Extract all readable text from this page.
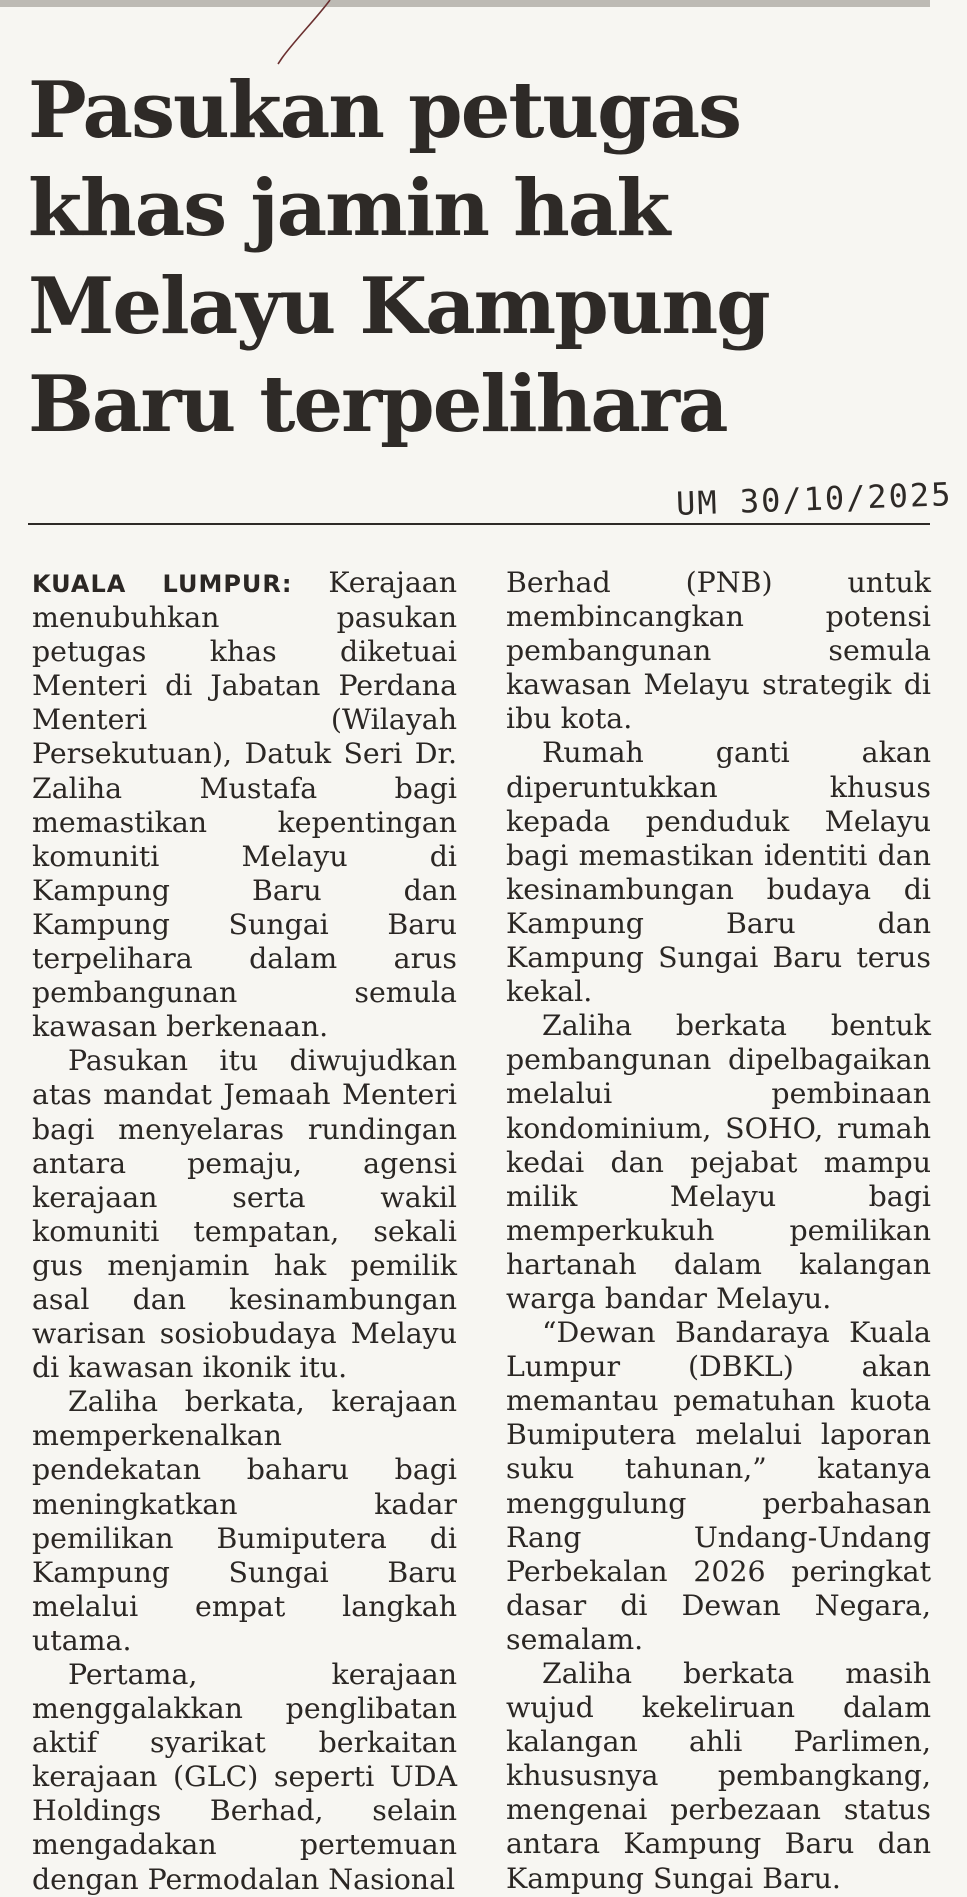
Pasukan petugas khas jamin hak Melayu Kampung Baru terpelihara
UM 30/10/2025

KUALA LUMPUR: Kerajaan menubuhkan pasukan petugas khas diketuai Menteri di Jabatan Perdana Menteri (Wilayah Persekutuan), Datuk Seri Dr. Zaliha Mustafa bagi memastikan kepentingan komuniti Melayu di Kampung Baru dan Kampung Sungai Baru terpelihara dalam arus pembangunan semula kawasan berkenaan.

Pasukan itu diwujudkan atas mandat Jemaah Menteri bagi menyelaras rundingan antara pemaju, agensi kerajaan serta wakil komuniti tempatan, sekali gus menjamin hak pemilik asal dan kesinambungan warisan sosiobudaya Melayu di kawasan ikonik itu.

Zaliha berkata, kerajaan memperkenalkan pendekatan baharu bagi meningkatkan kadar pemilikan Bumiputera di Kampung Sungai Baru melalui empat langkah utama.

Pertama, kerajaan menggalakkan penglibatan aktif syarikat berkaitan kerajaan (GLC) seperti UDA Holdings Berhad, selain mengadakan pertemuan dengan Permodalan Nasional

Berhad (PNB) untuk membincangkan potensi pembangunan semula kawasan Melayu strategik di ibu kota.

Rumah ganti akan diperuntukkan khusus kepada penduduk Melayu bagi memastikan identiti dan kesinambungan budaya di Kampung Baru dan Kampung Sungai Baru terus kekal.

Zaliha berkata bentuk pembangunan dipelbagaikan melalui pembinaan kondominium, SOHO, rumah kedai dan pejabat mampu milik Melayu bagi memperkukuh pemilikan hartanah dalam kalangan warga bandar Melayu.

“Dewan Bandaraya Kuala Lumpur (DBKL) akan memantau pematuhan kuota Bumiputera melalui laporan suku tahunan,” katanya menggulung perbahasan Rang Undang-Undang Perbekalan 2026 peringkat dasar di Dewan Negara, semalam.

Zaliha berkata masih wujud kekeliruan dalam kalangan ahli Parlimen, khususnya pembangkang, mengenai perbezaan status antara Kampung Baru dan Kampung Sungai Baru.
